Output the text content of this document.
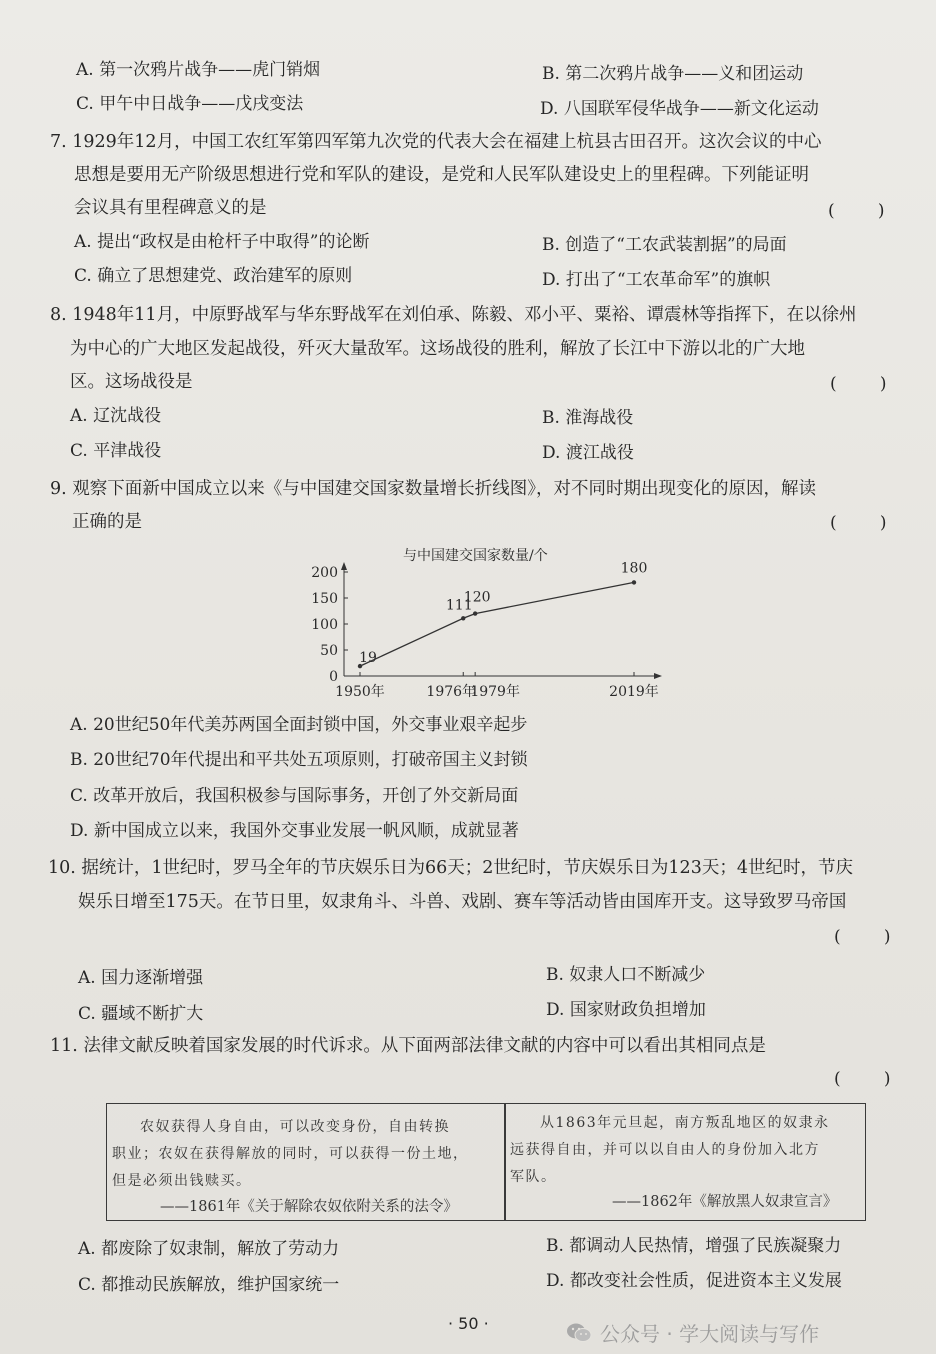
A. 第一次鸦片战争——虎门销烟	B. 第二次鸦片战争——义和团运动
C. 甲午中日战争——戊戌变法	D. 八国联军侵华战争——新文化运动
7. 1929年12月，中国工农红军第四军第九次党的代表大会在福建上杭县古田召开。这次会议的中心
思想是要用无产阶级思想进行党和军队的建设，是党和人民军队建设史上的里程碑。下列能证明
会议具有里程碑意义的是	(        )
A. 提出“政权是由枪杆子中取得”的论断	B. 创造了“工农武装割据”的局面
C. 确立了思想建党、政治建军的原则	D. 打出了“工农革命军”的旗帜
8. 1948年11月，中原野战军与华东野战军在刘伯承、陈毅、邓小平、粟裕、谭震林等指挥下，在以徐州
为中心的广大地区发起战役，歼灭大量敌军。这场战役的胜利，解放了长江中下游以北的广大地
区。这场战役是	(        )
A. 辽沈战役	B. 淮海战役
C. 平津战役	D. 渡江战役
9. 观察下面新中国成立以来《与中国建交国家数量增长折线图》，对不同时期出现变化的原因，解读
正确的是	(        )
与中国建交国家数量/个
0
50
100
150
200
1950年	1976年
1979年	2019年
19
111
120
180
A. 20世纪50年代美苏两国全面封锁中国，外交事业艰辛起步
B. 20世纪70年代提出和平共处五项原则，打破帝国主义封锁
C. 改革开放后，我国积极参与国际事务，开创了外交新局面
D. 新中国成立以来，我国外交事业发展一帆风顺，成就显著
10. 据统计，1世纪时，罗马全年的节庆娱乐日为66天；2世纪时，节庆娱乐日为123天；4世纪时，节庆
娱乐日增至175天。在节日里，奴隶角斗、斗兽、戏剧、赛车等活动皆由国库开支。这导致罗马帝国
(        )
A. 国力逐渐增强	B. 奴隶人口不断减少
C. 疆域不断扩大	D. 国家财政负担增加
11. 法律文献反映着国家发展的时代诉求。从下面两部法律文献的内容中可以看出其相同点是
(        )
农奴获得人身自由，可以改变身份，自由转换
职业；农奴在获得解放的同时，可以获得一份土地，
但是必须出钱赎买。
——1861年《关于解除农奴依附关系的法令》
从1863年元旦起，南方叛乱地区的奴隶永
远获得自由，并可以以自由人的身份加入北方
军队。
——1862年《解放黑人奴隶宣言》
A. 都废除了奴隶制，解放了劳动力	B. 都调动人民热情，增强了民族凝聚力
C. 都推动民族解放，维护国家统一	D. 都改变社会性质，促进资本主义发展
· 50 ·	公众号 · 学大阅读与写作
